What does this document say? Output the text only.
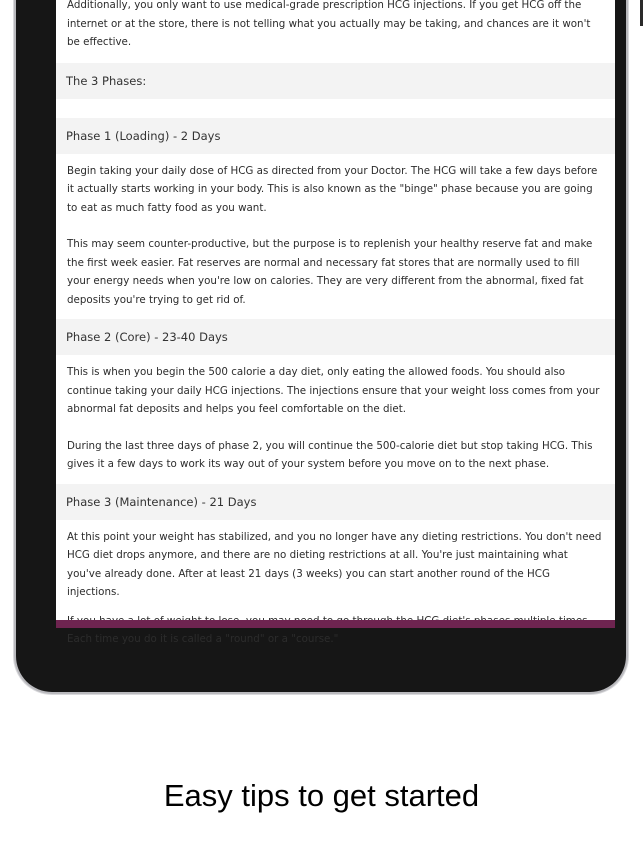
Additionally, you only want to use medical-grade prescription HCG injections. If you get HCG off the internet or at the store, there is not telling what you actually may be taking, and chances are it won't be effective.

The 3 Phases:
Phase 1 (Loading) - 2 Days

Begin taking your daily dose of HCG as directed from your Doctor. The HCG will take a few days before it actually starts working in your body. This is also known as the "binge" phase because you are going to eat as much fatty food as you want.

This may seem counter-productive, but the purpose is to replenish your healthy reserve fat and make the first week easier. Fat reserves are normal and necessary fat stores that are normally used to fill your energy needs when you're low on calories. They are very different from the abnormal, fixed fat deposits you're trying to get rid of.

Phase 2 (Core) - 23-40 Days

This is when you begin the 500 calorie a day diet, only eating the allowed foods. You should also continue taking your daily HCG injections. The injections ensure that your weight loss comes from your abnormal fat deposits and helps you feel comfortable on the diet.

During the last three days of phase 2, you will continue the 500-calorie diet but stop taking HCG. This gives it a few days to work its way out of your system before you move on to the next phase.

Phase 3 (Maintenance) - 21 Days

At this point your weight has stabilized, and you no longer have any dieting restrictions. You don't need HCG diet drops anymore, and there are no dieting restrictions at all. You're just maintaining what you've already done. After at least 21 days (3 weeks) you can start another round of the HCG injections.

Each time you do it is called a "round" or a "course."

Easy tips to get started
